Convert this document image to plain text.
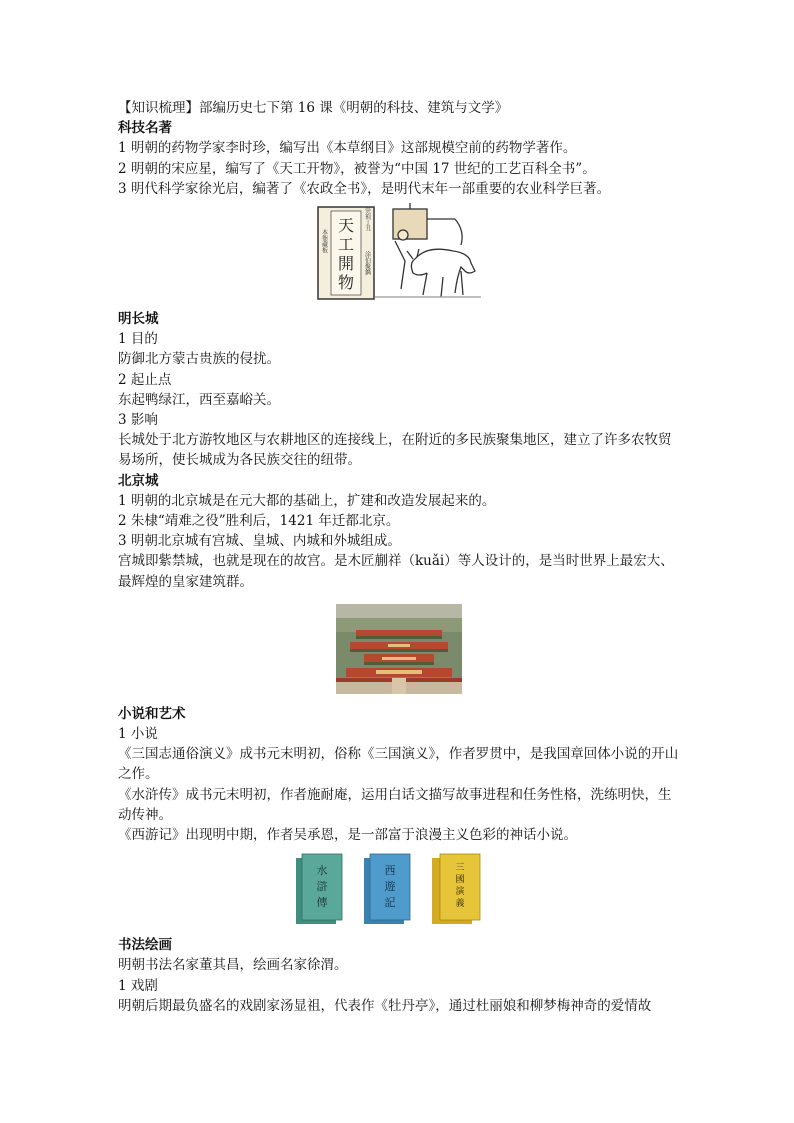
【知识梳理】部编历史七下第 16 课《明朝的科技、建筑与文学》
科技名著
1 明朝的药物学家李时珍，编写出《本草纲目》这部规模空前的药物学著作。
2 明朝的宋应星，编写了《天工开物》，被誉为“中国 17 世纪的工艺百科全书”。
3 明代科学家徐光启，编著了《农政全书》，是明代末年一部重要的农业科学巨著。
天
工
開
物
本衙藏板
崇禎丁丑
涂伯聚鐫
明长城
1 目的
防御北方蒙古贵族的侵扰。
2 起止点
东起鸭绿江，西至嘉峪关。
3 影响
长城处于北方游牧地区与农耕地区的连接线上，在附近的多民族聚集地区，建立了许多农牧贸易场所，使长城成为各民族交往的纽带。
北京城
1 明朝的北京城是在元大都的基础上，扩建和改造发展起来的。
2 朱棣“靖难之役”胜利后，1421 年迁都北京。
3 明朝北京城有宫城、皇城、内城和外城组成。
宫城即紫禁城，也就是现在的故宫。是木匠蒯祥（kuǎi）等人设计的，是当时世界上最宏大、最辉煌的皇家建筑群。
小说和艺术
1 小说
《三国志通俗演义》成书元末明初，俗称《三国演义》，作者罗贯中，是我国章回体小说的开山之作。
《水浒传》成书元末明初，作者施耐庵，运用白话文描写故事进程和任务性格，洗练明快，生动传神。
《西游记》出现明中期，作者吴承恩，是一部富于浪漫主义色彩的神话小说。
水
滸
傳
西
遊
記
三
國
演
義
书法绘画
明朝书法名家董其昌，绘画名家徐渭。
1 戏剧
明朝后期最负盛名的戏剧家汤显祖，代表作《牡丹亭》，通过杜丽娘和柳梦梅神奇的爱情故
